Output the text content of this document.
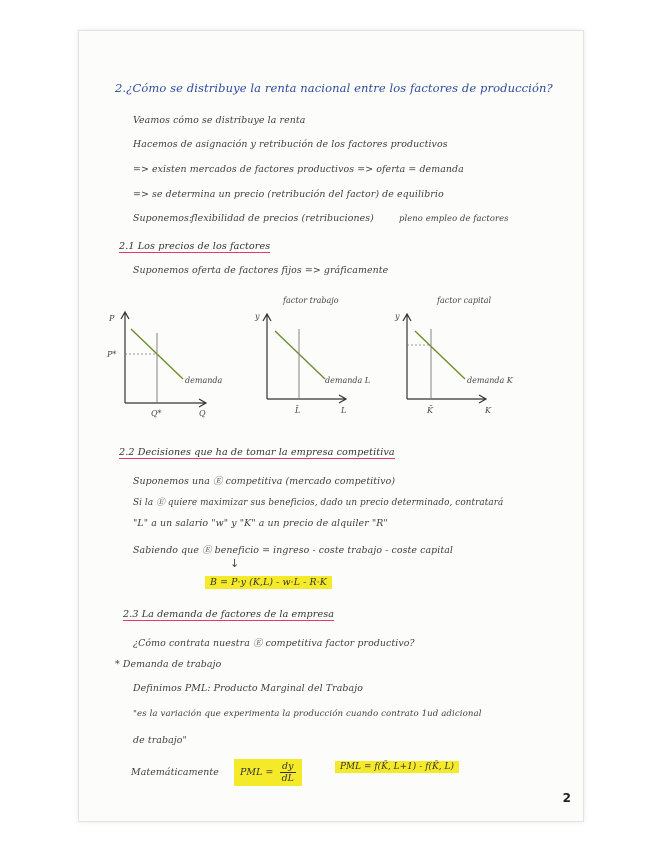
2.¿Cómo se distribuye la renta nacional entre los factores de producción?
Veamos cómo se distribuye la renta
Hacemos de asignación y retribución de los factores productivos
=> existen mercados de factores productivos => oferta = demanda
=> se determina un precio (retribución del factor) de equilibrio
Suponemos:
flexibilidad de precios (retribuciones)	pleno empleo de factores
2.1 Los precios de los factores
Suponemos oferta de factores fijos => gráficamente
P
P*
demanda
Q*	Q
factor trabajo
y
demanda L
L̄	L
factor capital
y
demanda K
K̄	K
2.2 Decisiones que ha de tomar la empresa competitiva
Suponemos una Ⓔ competitiva (mercado competitivo)
Si la Ⓔ quiere maximizar sus beneficios, dado un precio determinado, contratará
"L" a un salario "w" y "K" a un precio de alquiler "R"
Sabiendo que Ⓔ beneficio = ingreso - coste trabajo - coste capital
↓
B = P·y (K,L) - w·L - R·K
2.3 La demanda de factores de la empresa
¿Cómo contrata nuestra Ⓔ competitiva factor productivo?
* Demanda de trabajo
Definimos PML: Producto Marginal del Trabajo
"es la variación que experimenta la producción cuando contrato 1ud adicional
de trabajo"
Matemáticamente	PML = $\frac{dy}{dL}$	PML = f(K̄, L+1) - f(K̄, L)
2
